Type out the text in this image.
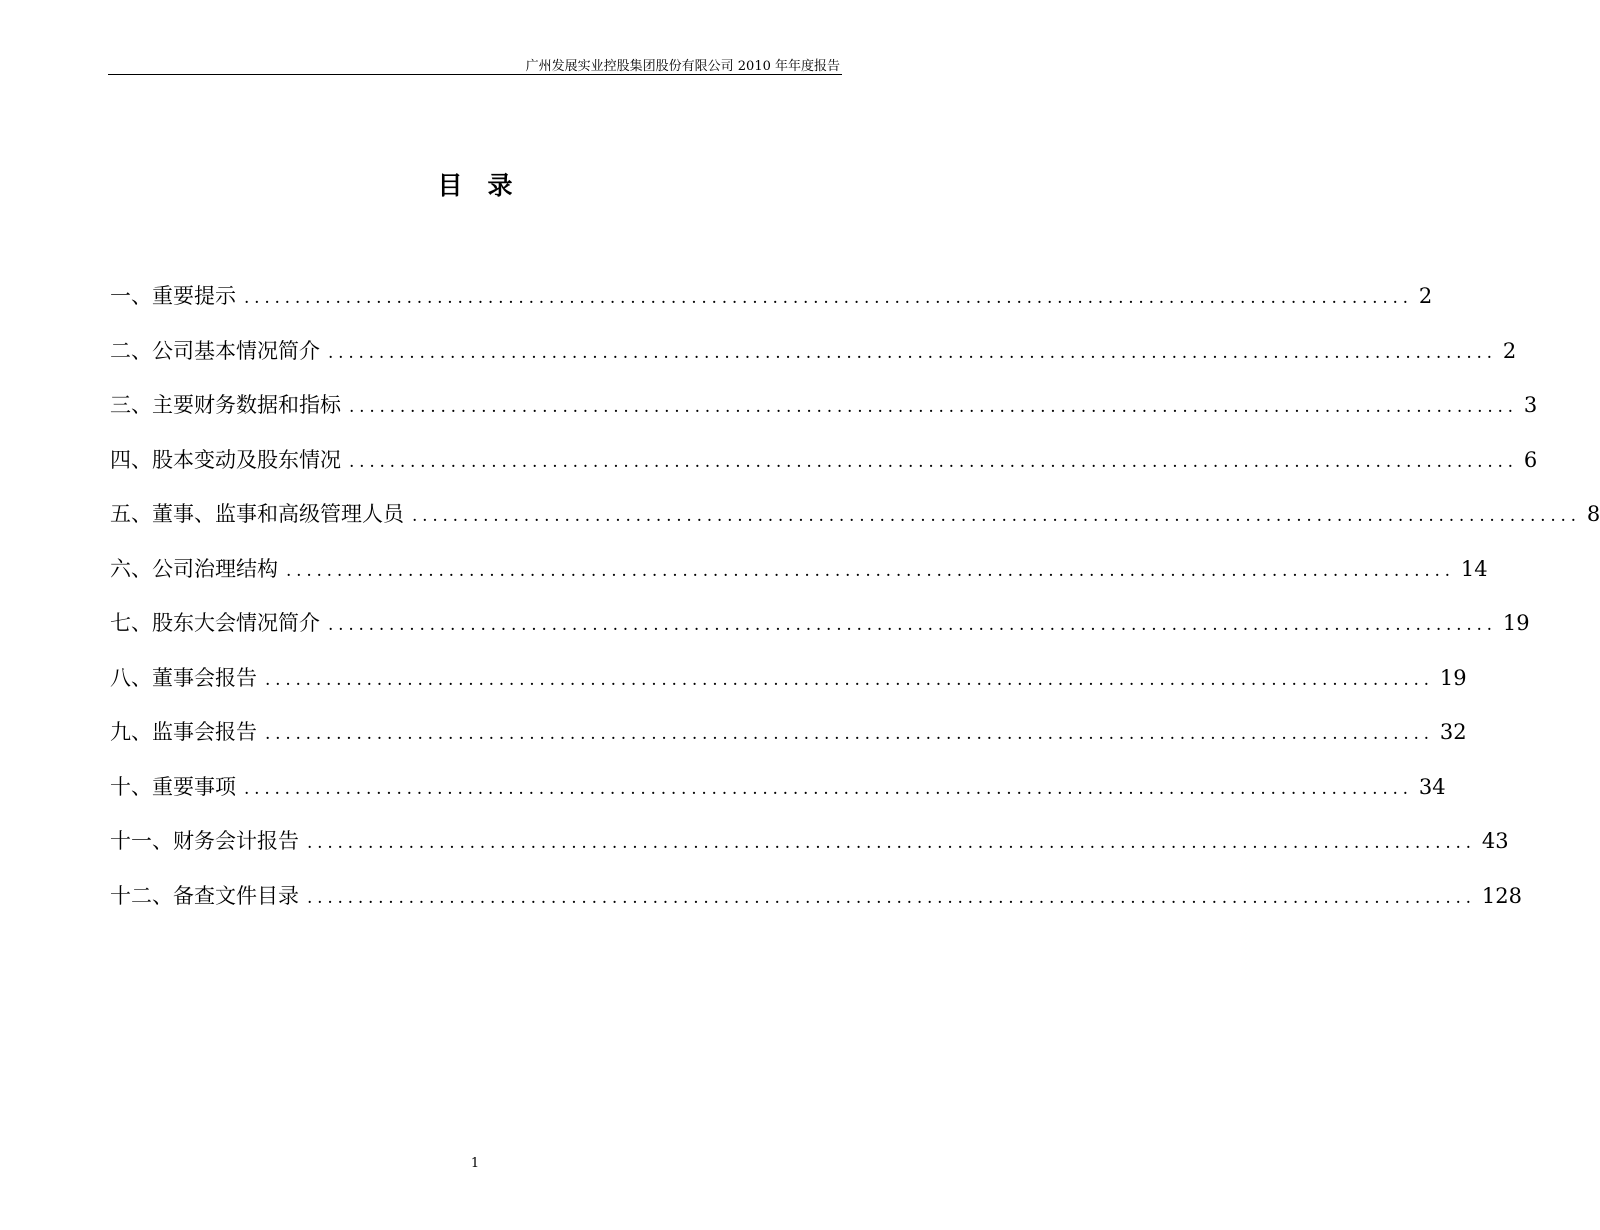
广州发展实业控股集团股份有限公司 2010 年年度报告
目录
一、重要提示 ................................................................................................................... 2
二、公司基本情况简介 ................................................................................................................... 2
三、主要财务数据和指标 ................................................................................................................... 3
四、股本变动及股东情况 ................................................................................................................... 6
五、董事、监事和高级管理人员 ................................................................................................................... 8
六、公司治理结构 ................................................................................................................... 14
七、股东大会情况简介 ................................................................................................................... 19
八、董事会报告 ................................................................................................................... 19
九、监事会报告 ................................................................................................................... 32
十、重要事项 ................................................................................................................... 34
十一、财务会计报告 ................................................................................................................... 43
十二、备查文件目录 ................................................................................................................... 128
1
